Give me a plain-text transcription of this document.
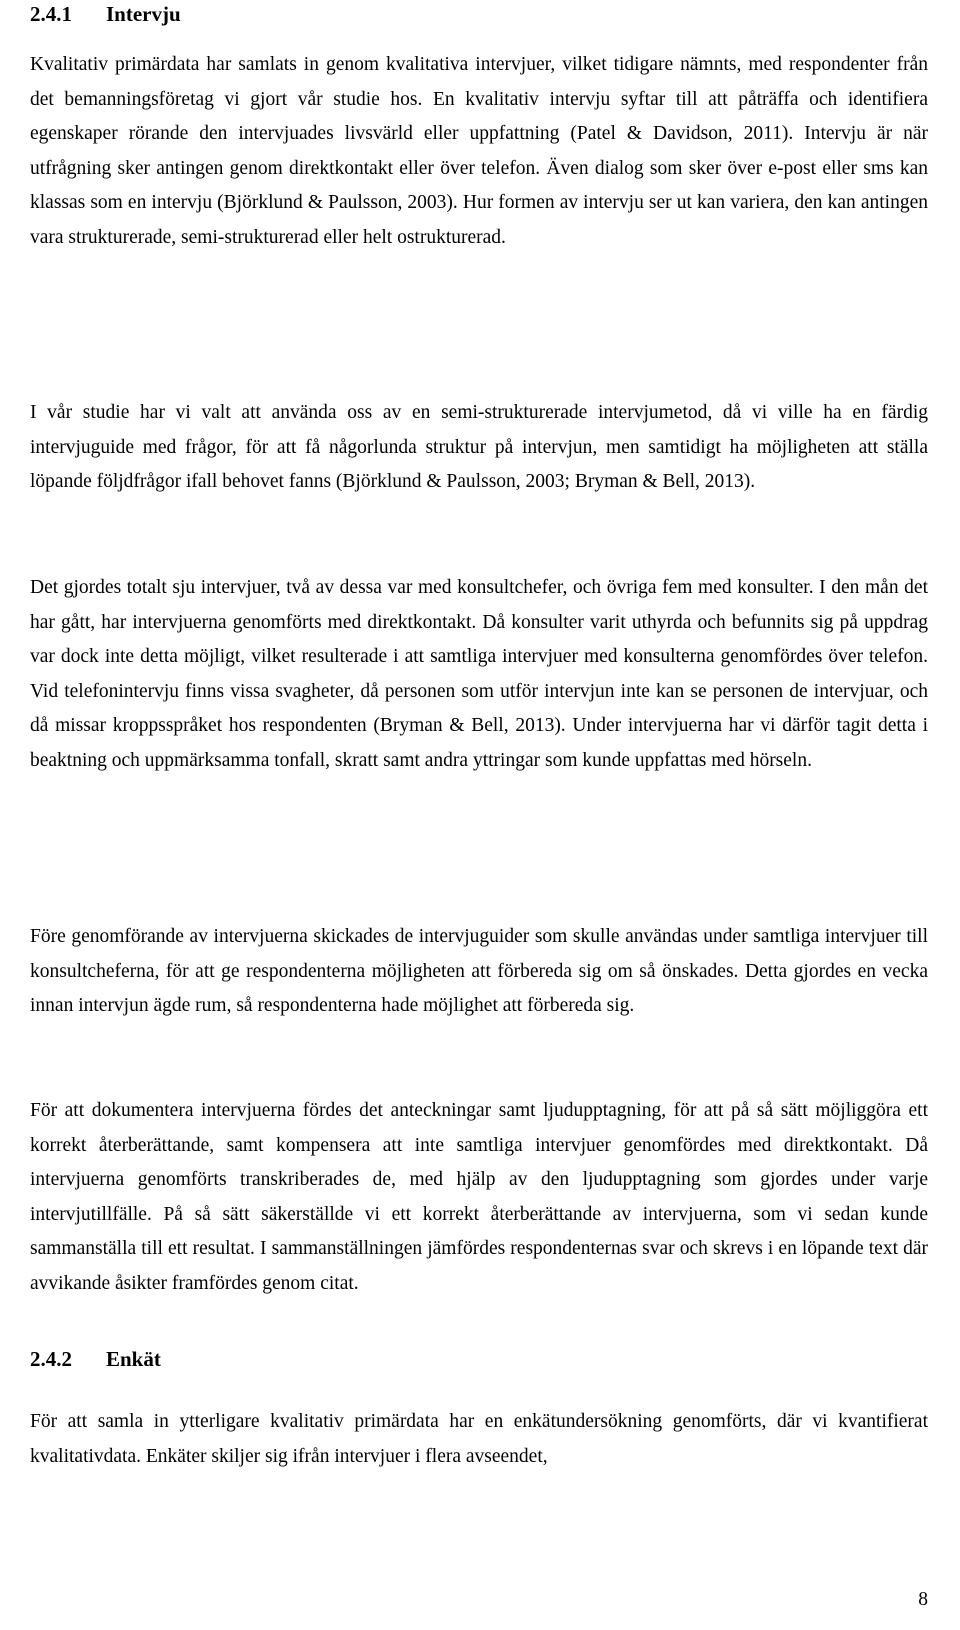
2.4.1	Intervju

Kvalitativ primärdata har samlats in genom kvalitativa intervjuer, vilket tidigare nämnts, med respondenter från det bemanningsföretag vi gjort vår studie hos. En kvalitativ intervju syftar till att påträffa och identifiera egenskaper rörande den intervjuades livsvärld eller uppfattning (Patel & Davidson, 2011). Intervju är när utfrågning sker antingen genom direktkontakt eller över telefon. Även dialog som sker över e-post eller sms kan klassas som en intervju (Björklund & Paulsson, 2003). Hur formen av intervju ser ut kan variera, den kan antingen vara strukturerade, semi-strukturerad eller helt ostrukturerad.

I vår studie har vi valt att använda oss av en semi-strukturerade intervjumetod, då vi ville ha en färdig intervjuguide med frågor, för att få någorlunda struktur på intervjun, men samtidigt ha möjligheten att ställa löpande följdfrågor ifall behovet fanns (Björklund & Paulsson, 2003; Bryman & Bell, 2013).

Det gjordes totalt sju intervjuer, två av dessa var med konsultchefer, och övriga fem med konsulter. I den mån det har gått, har intervjuerna genomförts med direktkontakt. Då konsulter varit uthyrda och befunnits sig på uppdrag var dock inte detta möjligt, vilket resulterade i att samtliga intervjuer med konsulterna genomfördes över telefon. Vid telefonintervju finns vissa svagheter, då personen som utför intervjun inte kan se personen de intervjuar, och då missar kroppsspråket hos respondenten (Bryman & Bell, 2013). Under intervjuerna har vi därför tagit detta i beaktning och uppmärksamma tonfall, skratt samt andra yttringar som kunde uppfattas med hörseln.

Före genomförande av intervjuerna skickades de intervjuguider som skulle användas under samtliga intervjuer till konsultcheferna, för att ge respondenterna möjligheten att förbereda sig om så önskades. Detta gjordes en vecka innan intervjun ägde rum, så respondenterna hade möjlighet att förbereda sig.

För att dokumentera intervjuerna fördes det anteckningar samt ljudupptagning, för att på så sätt möjliggöra ett korrekt återberättande, samt kompensera att inte samtliga intervjuer genomfördes med direktkontakt. Då intervjuerna genomförts transkriberades de, med hjälp av den ljudupptagning som gjordes under varje intervjutillfälle. På så sätt säkerställde vi ett korrekt återberättande av intervjuerna, som vi sedan kunde sammanställa till ett resultat. I sammanställningen jämfördes respondenternas svar och skrevs i en löpande text där avvikande åsikter framfördes genom citat.

2.4.2	Enkät

För att samla in ytterligare kvalitativ primärdata har en enkätundersökning genomförts, där vi kvantifierat kvalitativdata. Enkäter skiljer sig ifrån intervjuer i flera avseendet,

8
